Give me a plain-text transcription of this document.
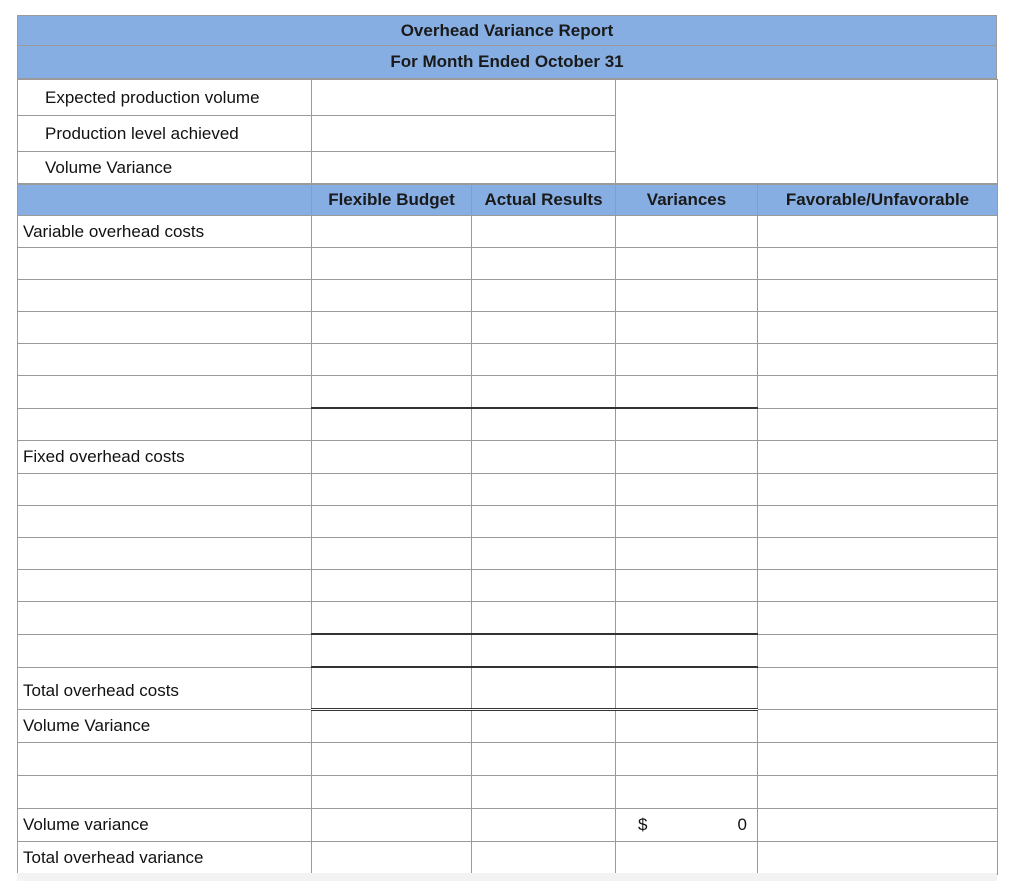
Overhead Variance Report
For Month Ended October 31
Expected production volume		
Production level achieved		
Volume Variance		
	Flexible Budget	Actual Results	Variances	Favorable/Unfavorable
Variable overhead costs				

Fixed overhead costs				

Total overhead costs				
Volume Variance				

Volume variance			$ 0	

Total overhead variance				
